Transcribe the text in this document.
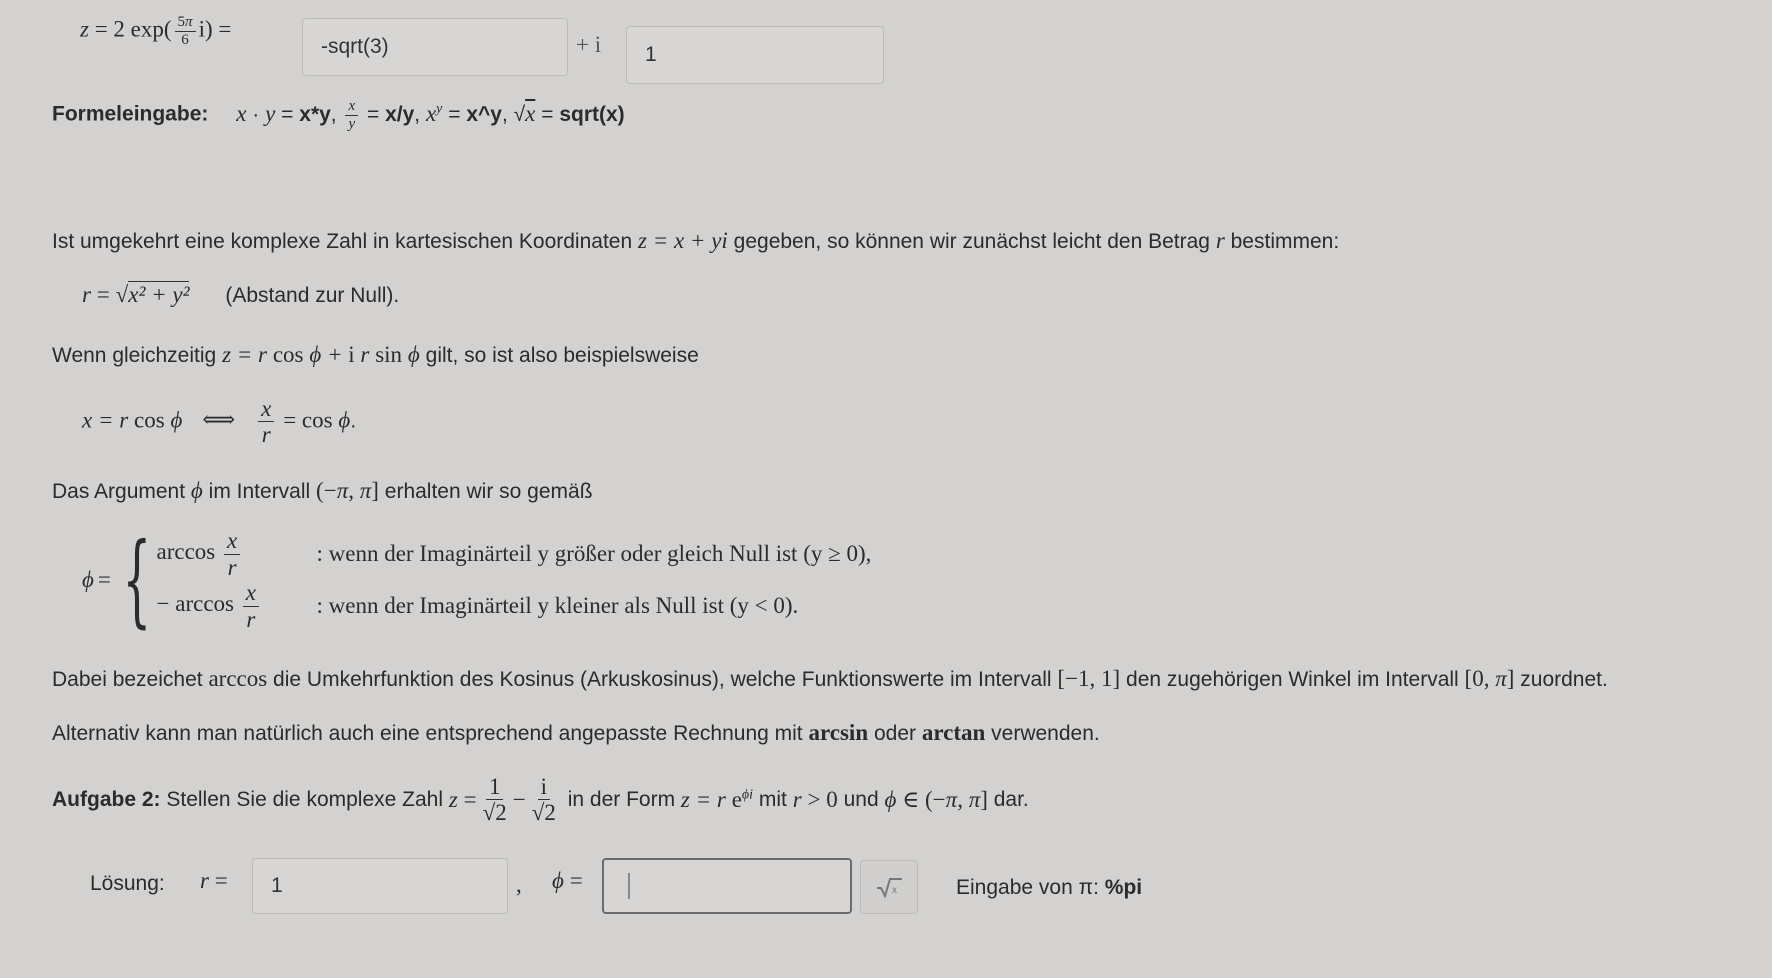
z = 2 $\exp( \frac{5\pi}{6} i)$ =
-sqrt(3)	+ i 1
Formeleingabe: x · y = x*y, $\frac{x}{y} = x/y$, $x^y$ = x^y, √x = sqrt(x)
Ist umgekehrt eine komplexe Zahl in kartesischen Koordinaten z = x + yi gegeben, so können wir zunächst leicht den Betrag r bestimmen:
r = √x² + y² (Abstand zur Null).
Wenn gleichzeitig z = r cos ϕ + i r sin ϕ gilt, so ist also beispielsweise
x = r cos ϕ ⟺ $\frac{x}{r} = \cos \phi$.
Das Argument ϕ im Intervall (−π, π] erhalten wir so gemäß
ϕ = { $\arccos \frac{x}{r}$	: wenn der Imaginärteil y größer oder gleich Null ist (y ≥ 0),
− $\arccos \frac{x}{r}$	: wenn der Imaginärteil y kleiner als Null ist (y < 0).
Dabei bezeichet arccos die Umkehrfunktion des Kosinus (Arkuskosinus), welche Funktionswerte im Intervall [−1, 1] den zugehörigen Winkel im Intervall [0, π] zuordnet.
Alternativ kann man natürlich auch eine entsprechend angepasste Rechnung mit arcsin oder arctan verwenden.
Aufgabe 2:
Stellen Sie die komplexe Zahl
z
= $\frac{1}{√2} - \frac{i}{√2}$
in der Form
z = r
$e^{\phi i}$
mit
r
> 0
und
ϕ
∈ (−π, π]
dar.
Lösung: r = 1	, ϕ =	x	Eingabe von π: %pi
